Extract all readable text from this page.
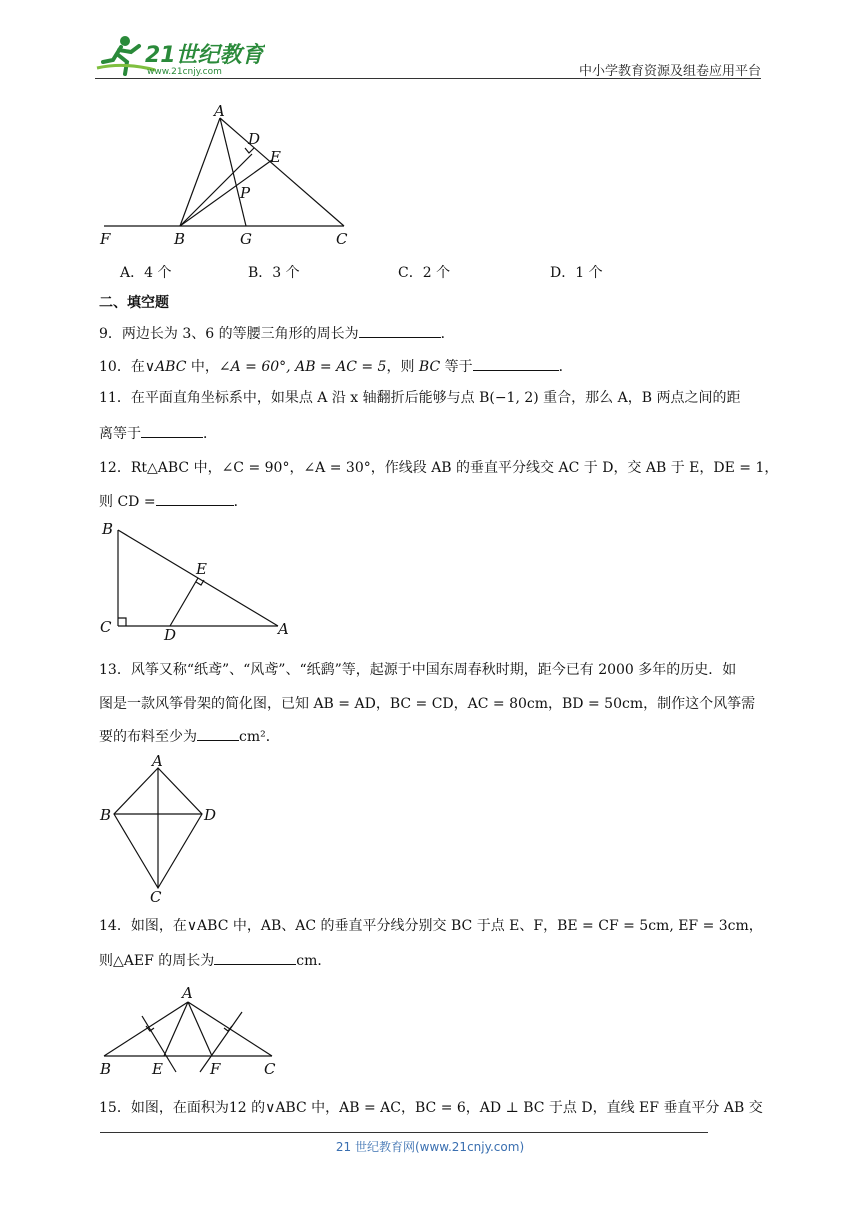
21世纪教育
www.21cnjy.com	中小学教育资源及组卷应用平台
A
D
E
P
F	B	G	C
A．4 个	B．3 个	C．2 个	D．1 个
二、填空题
9．两边长为 3、6 的等腰三角形的周长为	．
10．在∨ABC 中，∠A = 60°, AB = AC = 5，则 BC 等于	．
11．在平面直角坐标系中，如果点 A 沿 x 轴翻折后能够与点 B(−1, 2) 重合，那么 A，B 两点之间的距
离等于	．
12．Rt△ABC 中，∠C = 90°，∠A = 30°，作线段 AB 的垂直平分线交 AC 于 D，交 AB 于 E，DE = 1，
则 CD =	．
B
E
C	D	A
13．风筝又称“纸鸢”、“风鸢”、“纸鹞”等，起源于中国东周春秋时期，距今已有 2000 多年的历史．如
图是一款风筝骨架的简化图，已知 AB = AD，BC = CD，AC = 80cm，BD = 50cm，制作这个风筝需
要的布料至少为	cm²．
A
B	D
C
14．如图，在∨ABC 中，AB、AC 的垂直平分线分别交 BC 于点 E、F，BE = CF = 5cm, EF = 3cm，
则△AEF 的周长为	cm．
A
B	E	F	C
15．如图，在面积为12 的∨ABC 中，AB = AC，BC = 6，AD ⊥ BC 于点 D，直线 EF 垂直平分 AB 交
21 世纪教育网(www.21cnjy.com)
